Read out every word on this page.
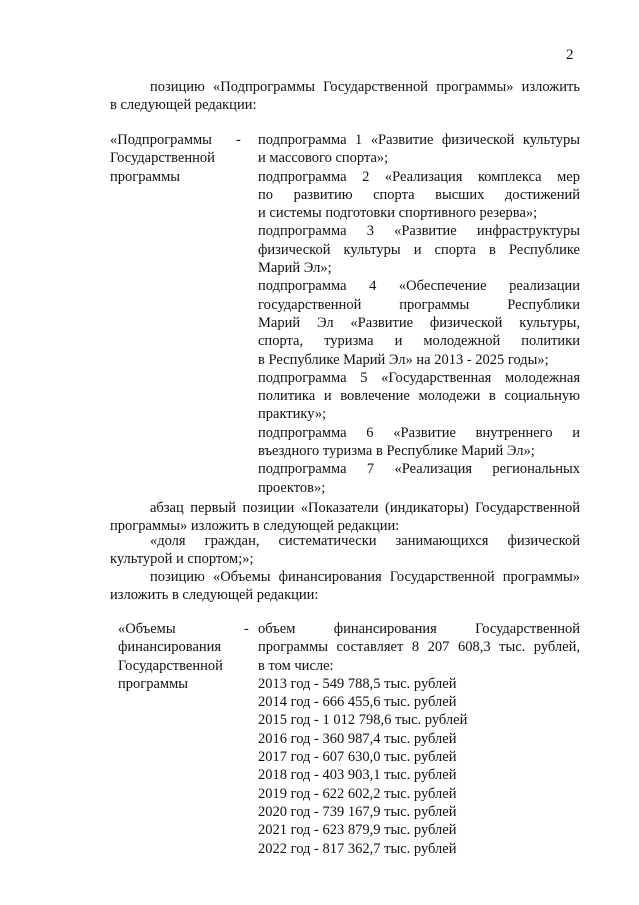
2
позицию «Подпрограммы Государственной программы» изложить
в следующей редакции:
«Подпрограммы
Государственной
программы
- подпрограмма 1 «Развитие физической культуры
и массового спорта»;
подпрограмма 2 «Реализация комплекса мер
по развитию спорта высших достижений
и системы подготовки спортивного резерва»;
подпрограмма 3 «Развитие инфраструктуры
физической культуры и спорта в Республике
Марий Эл»;
подпрограмма 4 «Обеспечение реализации
государственной программы Республики
Марий Эл «Развитие физической культуры,
спорта, туризма и молодежной политики
в Республике Марий Эл» на 2013 - 2025 годы»;
подпрограмма 5 «Государственная молодежная
политика и вовлечение молодежи в социальную
практику»;
подпрограмма 6 «Развитие внутреннего и
въездного туризма в Республике Марий Эл»;
подпрограмма 7 «Реализация региональных
проектов»;
абзац первый позиции «Показатели (индикаторы) Государственной
программы» изложить в следующей редакции:
«доля граждан, систематически занимающихся физической
культурой и спортом;»;
позицию «Объемы финансирования Государственной программы»
изложить в следующей редакции:
«Объемы
финансирования
Государственной
программы
- объем финансирования Государственной
программы составляет 8 207 608,3 тыс. рублей,
в том числе:
2013 год - 549 788,5 тыс. рублей
2014 год - 666 455,6 тыс. рублей
2015 год - 1 012 798,6 тыс. рублей
2016 год - 360 987,4 тыс. рублей
2017 год - 607 630,0 тыс. рублей
2018 год - 403 903,1 тыс. рублей
2019 год - 622 602,2 тыс. рублей
2020 год - 739 167,9 тыс. рублей
2021 год - 623 879,9 тыс. рублей
2022 год - 817 362,7 тыс. рублей
